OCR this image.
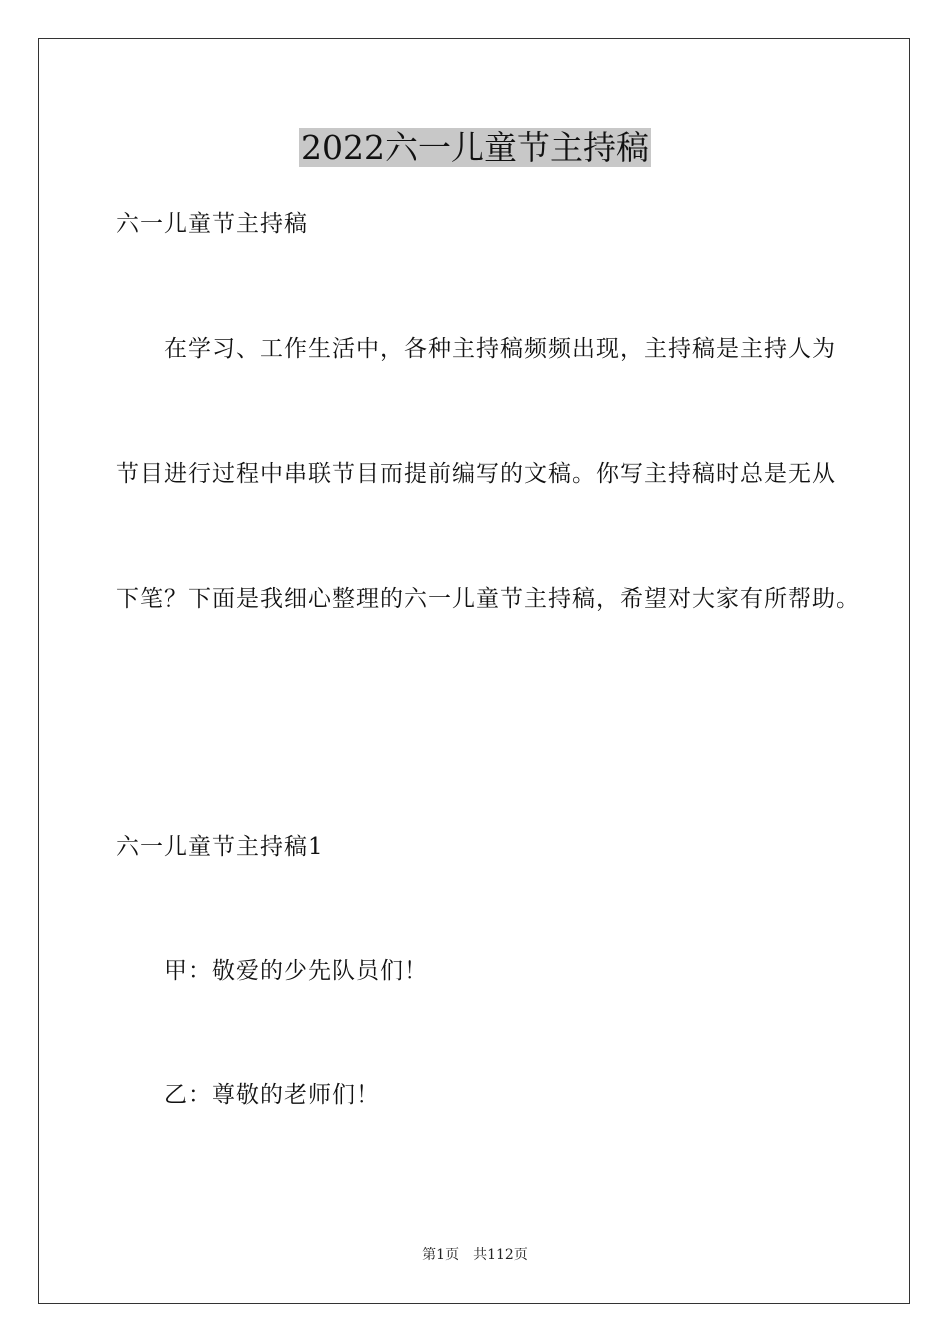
2022六一儿童节主持稿
六一儿童节主持稿
在学习、工作生活中，各种主持稿频频出现，主持稿是主持人为
节目进行过程中串联节目而提前编写的文稿。你写主持稿时总是无从
下笔？下面是我细心整理的六一儿童节主持稿，希望对大家有所帮助。
六一儿童节主持稿1
甲：敬爱的少先队员们！
乙：尊敬的老师们！
第1页 共112页
